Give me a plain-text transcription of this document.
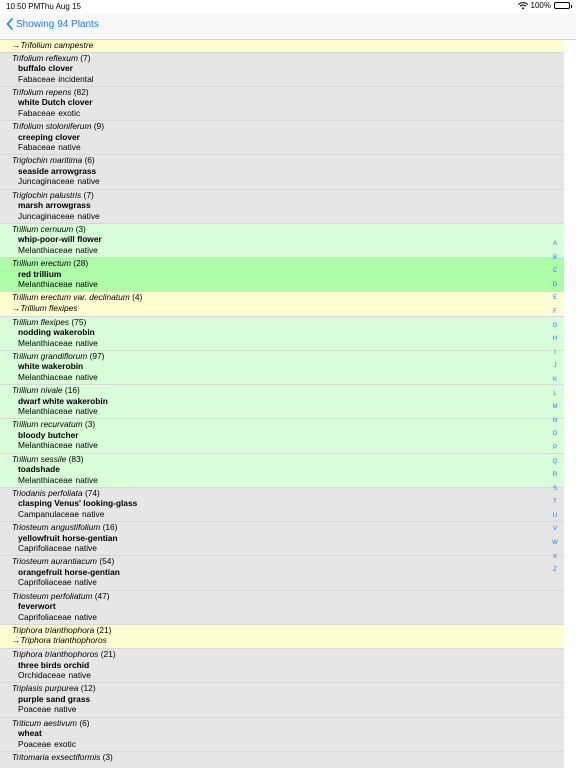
10:50 PM Thu Aug 15	100%
Showing 94 Plants
→Trifolium campestre
Trifolium reflexum (7)
buffalo clover
Fabaceae incidental
Trifolium repens (82)
white Dutch clover
Fabaceae exotic
Trifolium stoloniferum (9)
creeping clover
Fabaceae native
Triglochin maritima (6)
seaside arrowgrass
Juncaginaceae native
Triglochin palustris (7)
marsh arrowgrass
Juncaginaceae native
Trillium cernuum (3)
whip-poor-will flower
Melanthiaceae native
Trillium erectum (28)
red trillium
Melanthiaceae native
Trillium erectum var. declinatum (4)
→Trillium flexipes
Trillium flexipes (75)
nodding wakerobin
Melanthiaceae native
Trillium grandiflorum (97)
white wakerobin
Melanthiaceae native
Trillium nivale (16)
dwarf white wakerobin
Melanthiaceae native
Trillium recurvatum (3)
bloody butcher
Melanthiaceae native
Trillium sessile (83)
toadshade
Melanthiaceae native
Triodanis perfoliata (74)
clasping Venus' looking-glass
Campanulaceae native
Triosteum angustifolium (16)
yellowfruit horse-gentian
Caprifoliaceae native
Triosteum aurantiacum (54)
orangefruit horse-gentian
Caprifoliaceae native
Triosteum perfoliatum (47)
feverwort
Caprifoliaceae native
Triphora trianthophora (21)
→Triphora trianthophoros
Triphora trianthophoros (21)
three birds orchid
Orchidaceae native
Triplasis purpurea (12)
purple sand grass
Poaceae native
Triticum aestivum (6)
wheat
Poaceae exotic
Tritomaria exsectiformis (3)
A
B
C
D
E
F
G
H
I
J
K
L
M
N
O
P
Q
R
S
T
U
V
W
X
Z
